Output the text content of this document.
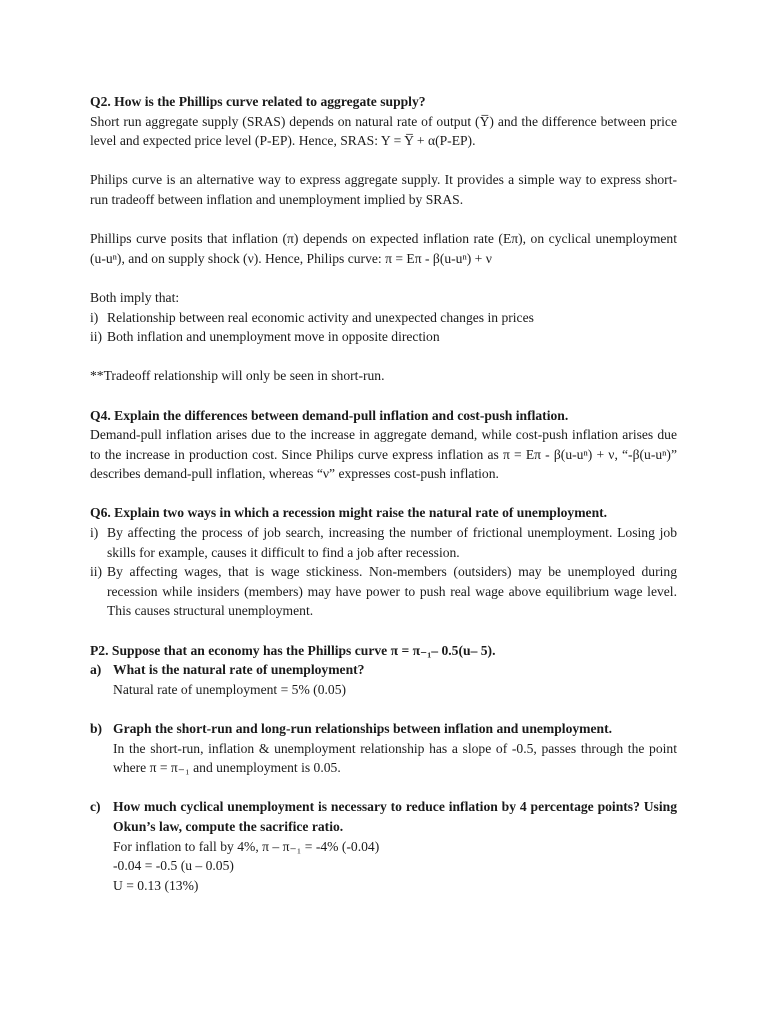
Q2. How is the Phillips curve related to aggregate supply?

Short run aggregate supply (SRAS) depends on natural rate of output (Y̅) and the difference between price level and expected price level (P-EP). Hence, SRAS: Y = Y̅ + α(P-EP).

Philips curve is an alternative way to express aggregate supply. It provides a simple way to express short-run tradeoff between inflation and unemployment implied by SRAS.

Phillips curve posits that inflation (π) depends on expected inflation rate (Eπ), on cyclical unemployment (u-uⁿ), and on supply shock (ν). Hence, Philips curve: π = Eπ - β(u-uⁿ) + ν

Both imply that:

i) Relationship between real economic activity and unexpected changes in prices
ii) Both inflation and unemployment move in opposite direction

**Tradeoff relationship will only be seen in short-run.

Q4. Explain the differences between demand-pull inflation and cost-push inflation.

Demand-pull inflation arises due to the increase in aggregate demand, while cost-push inflation arises due to the increase in production cost. Since Philips curve express inflation as π = Eπ - β(u-uⁿ) + ν, “-β(u-uⁿ)” describes demand-pull inflation, whereas “ν” expresses cost-push inflation.

Q6. Explain two ways in which a recession might raise the natural rate of unemployment.

i) By affecting the process of job search, increasing the number of frictional unemployment. Losing job skills for example, causes it difficult to find a job after recession.
ii) By affecting wages, that is wage stickiness. Non-members (outsiders) may be unemployed during recession while insiders (members) may have power to push real wage above equilibrium wage level. This causes structural unemployment.

P2. Suppose that an economy has the Phillips curve π = π₋₁– 0.5(u– 5).

a) What is the natural rate of unemployment?
Natural rate of unemployment = 5% (0.05)
b) Graph the short-run and long-run relationships between inflation and unemployment.
In the short-run, inflation & unemployment relationship has a slope of -0.5, passes through the point where π = π₋₁ and unemployment is 0.05.
c) How much cyclical unemployment is necessary to reduce inflation by 4 percentage points? Using Okun’s law, compute the sacrifice ratio.
For inflation to fall by 4%, π – π₋₁ = -4% (-0.04)
-0.04 = -0.5 (u – 0.05)
U = 0.13 (13%)
